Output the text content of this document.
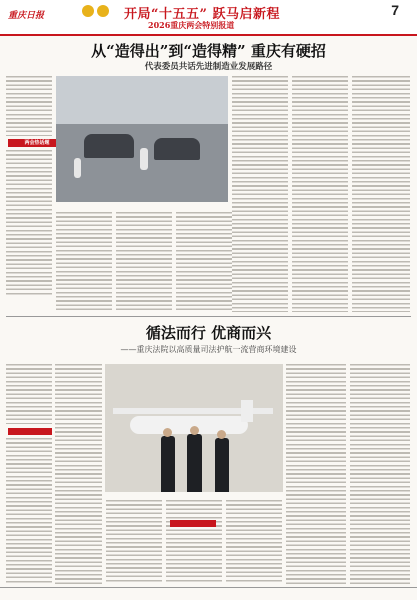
重庆日报	开局“十五五” 跃马启新程
2026重庆两会特别报道
7
从“造得出”到“造得精” 重庆有硬招
代表委员共话先进制造业发展路径
两会热话题
循法而行 优商而兴
——重庆法院以高质量司法护航一流营商环境建设
